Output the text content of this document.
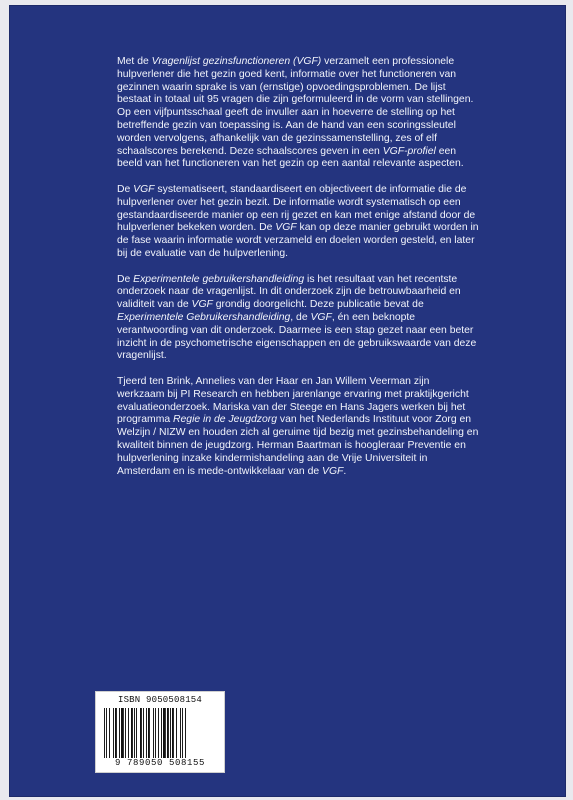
Met de Vragenlijst gezinsfunctioneren (VGF) verzamelt een professionele hulpverlener die het gezin goed kent, informatie over het functioneren van gezinnen waarin sprake is van (ernstige) opvoedingsproblemen. De lijst bestaat in totaal uit 95 vragen die zijn geformuleerd in de vorm van stellingen. Op een vijfpuntsschaal geeft de invuller aan in hoeverre de stelling op het betreffende gezin van toepassing is. Aan de hand van een scoringssleutel worden vervolgens, afhankelijk van de gezinssamenstelling, zes of elf schaalscores berekend. Deze schaalscores geven in een VGF-profiel een beeld van het functioneren van het gezin op een aantal relevante aspecten.

De VGF systematiseert, standaardiseert en objectiveert de informatie die de hulpverlener over het gezin bezit. De informatie wordt systematisch op een gestandaardiseerde manier op een rij gezet en kan met enige afstand door de hulpverlener bekeken worden. De VGF kan op deze manier gebruikt worden in de fase waarin informatie wordt verzameld en doelen worden gesteld, en later bij de evaluatie van de hulpverlening.

De Experimentele gebruikershandleiding is het resultaat van het recentste onderzoek naar de vragenlijst. In dit onderzoek zijn de betrouwbaarheid en validiteit van de VGF grondig doorgelicht. Deze publicatie bevat de Experimentele Gebruikershandleiding, de VGF, én een beknopte verantwoording van dit onderzoek. Daarmee is een stap gezet naar een beter inzicht in de psychometrische eigenschappen en de gebruikswaarde van deze vragenlijst.

Tjeerd ten Brink, Annelies van der Haar en Jan Willem Veerman zijn werkzaam bij PI Research en hebben jarenlange ervaring met praktijkgericht evaluatieonderzoek. Mariska van der Steege en Hans Jagers werken bij het programma Regie in de Jeugdzorg van het Nederlands Instituut voor Zorg en Welzijn / NIZW en houden zich al geruime tijd bezig met gezinsbehandeling en kwaliteit binnen de jeugdzorg. Herman Baartman is hoogleraar Preventie en hulpverlening inzake kindermishandeling aan de Vrije Universiteit in Amsterdam en is mede-ontwikkelaar van de VGF.

ISBN 9050508154
9 789050 508155
